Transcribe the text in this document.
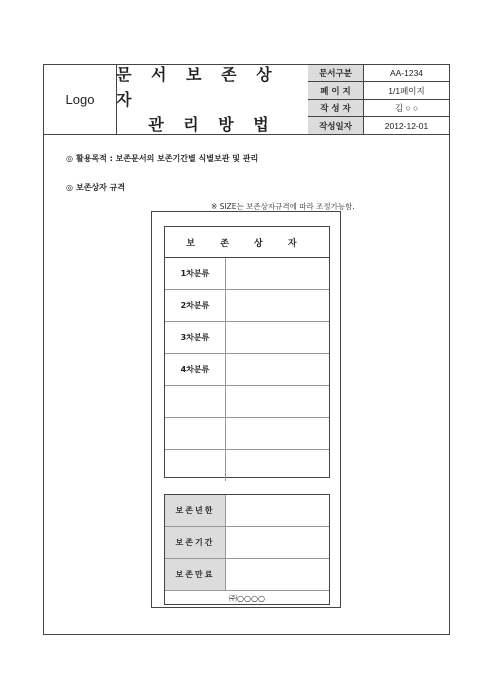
Logo
문 서 보 존 상 자
관 리 방 법
문서구분	AA-1234
페 이 지	1/1페이지
작 성 자	김 ○ ○
작성일자	2012-12-01
◎ 활용목적 : 보존문서의 보존기간별 식별보관 및 관리
◎ 보존상자 규격
※ SIZE는 보존상자규격에 따라 조정가능함.
보 존 상 자
1차분류
2차분류
3차분류
4차분류
보존년한
보존기간
보존만료
㈜○○○○
